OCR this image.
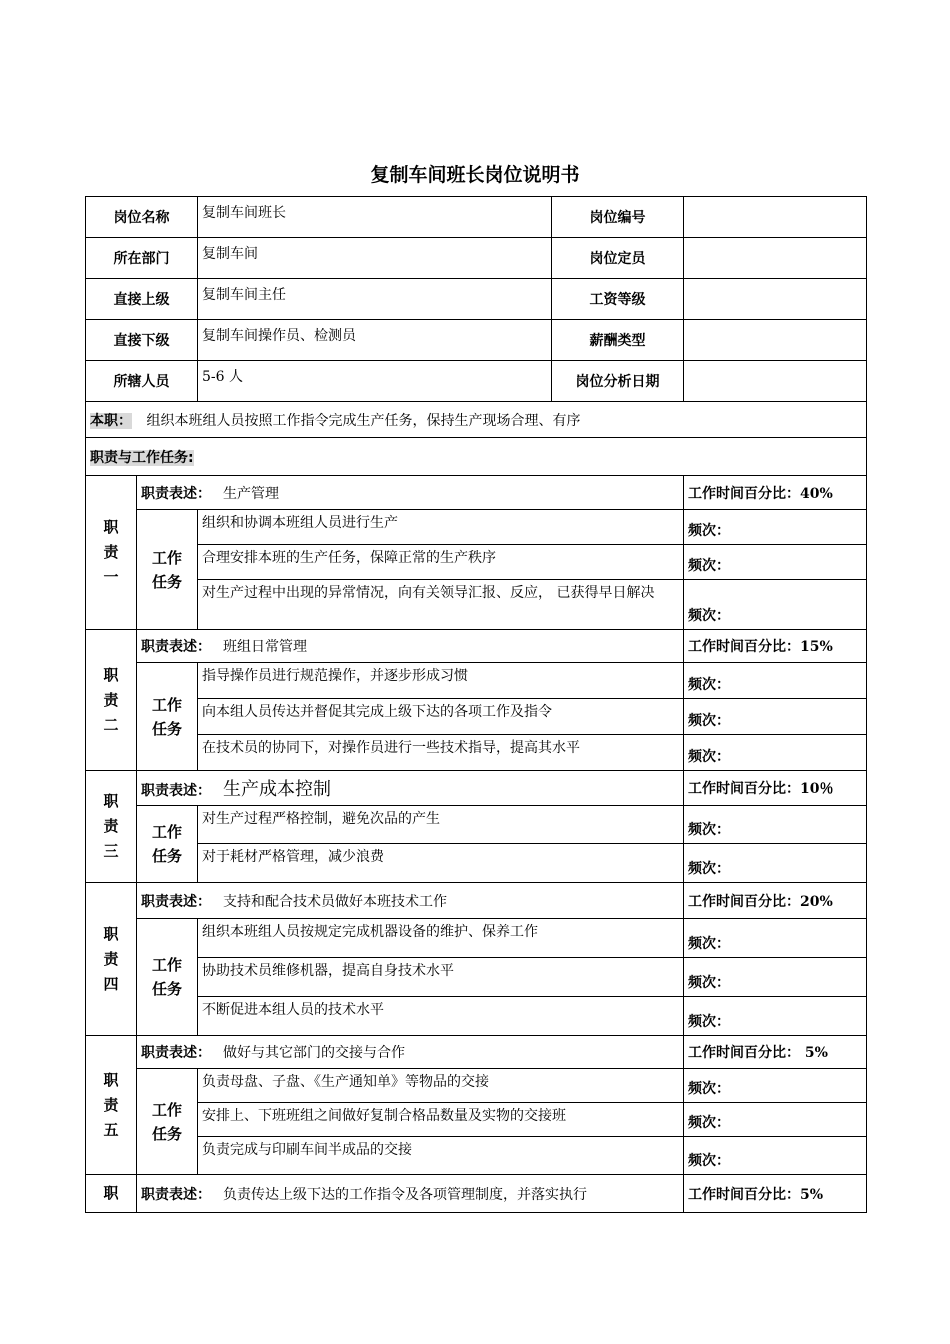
复制车间班长岗位说明书
岗位名称		复制车间班长	岗位编号	
所在部门		复制车间	岗位定员	
直接上级		复制车间主任	工资等级	
直接下级		复制车间操作员、检测员	薪酬类型	
所辖人员		5-6 人	岗位分析日期	
本职： 组织本班组人员按照工作指令完成生产任务，保持生产现场合理、有序				
职责与工作任务:				

职
责
一	职责表述： 生产管理			工作时间百分比：40%

	工作
任务	组织和协调本班组人员进行生产		频次：
		合理安排本班的生产任务，保障正常的生产秩序		频次：
		对生产过程中出现的异常情况，向有关领导汇报、反应， 已获得早日解决		频次：

职
责
二	职责表述： 班组日常管理			工作时间百分比：15%

	工作
任务	指导操作员进行规范操作，并逐步形成习惯		频次：
		向本组人员传达并督促其完成上级下达的各项工作及指令		频次：
		在技术员的协同下，对操作员进行一些技术指导，提高其水平		频次：

职
责
三	职责表述： 生产成本控制			工作时间百分比：10％

	工作
任务	对生产过程严格控制，避免次品的产生		频次：
		对于耗材严格管理，减少浪费		频次：

职
责
四	职责表述： 支持和配合技术员做好本班技术工作			工作时间百分比：20%

	工作
任务	组织本班组人员按规定完成机器设备的维护、保养工作		频次：
		协助技术员维修机器，提高自身技术水平		频次：
		不断促进本组人员的技术水平		频次：

职
责
五	职责表述： 做好与其它部门的交接与合作			工作时间百分比： 5%

	工作
任务	负责母盘、子盘、《生产通知单》等物品的交接		频次：
		安排上、下班班组之间做好复制合格品数量及实物的交接班		频次：
		负责完成与印刷车间半成品的交接		频次：

职	职责表述： 负责传达上级下达的工作指令及各项管理制度，并落实执行			工作时间百分比：5%
